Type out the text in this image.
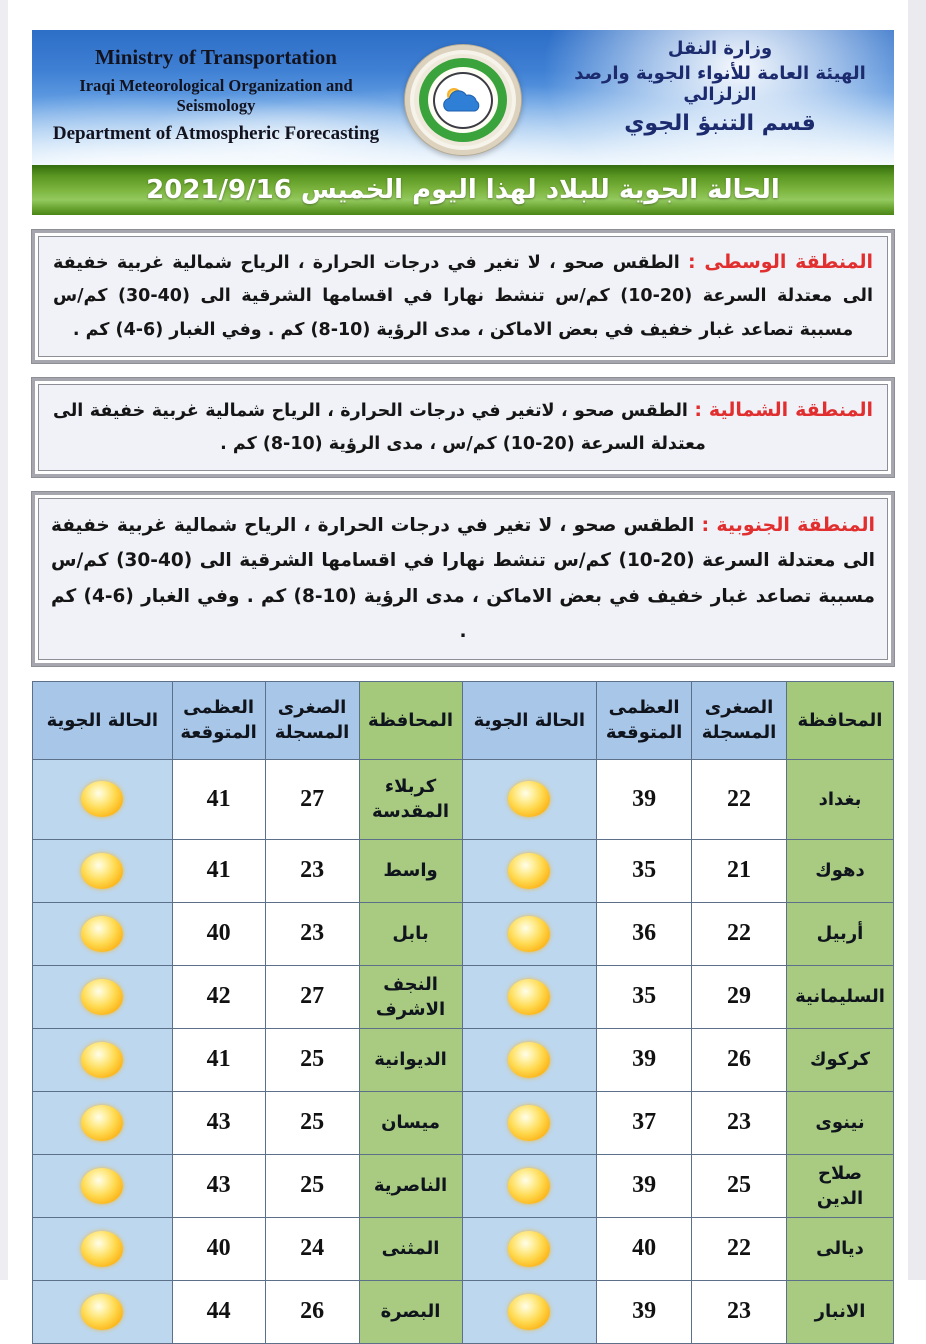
Ministry of Transportation
Iraqi Meteorological Organization and Seismology
Department of Atmospheric Forecasting
وزارة النقل
الهيئة العامة للأنواء الجوية وارصد الزلزالي
قسم التنبؤ الجوي
الحالة الجوية للبلاد لهذا اليوم الخميس 2021/9/16
المنطقة الوسطى : الطقس صحو ، لا تغير في درجات الحرارة ، الرياح شمالية غربية خفيفة الى معتدلة السرعة (20-10) كم/س تنشط نهارا في اقسامها الشرقية الى (40-30) كم/س مسببة تصاعد غبار خفيف في بعض الاماكن ، مدى الرؤية (10-8) كم . وفي الغبار (6-4) كم .
المنطقة الشمالية : الطقس صحو ، لاتغير في درجات الحرارة ، الرياح شمالية غربية خفيفة الى معتدلة السرعة (20-10) كم/س ، مدى الرؤية (10-8) كم .
المنطقة الجنوبية : الطقس صحو ، لا تغير في درجات الحرارة ، الرياح شمالية غربية خفيفة الى معتدلة السرعة (20-10) كم/س تنشط نهارا في اقسامها الشرقية الى (40-30) كم/س مسببة تصاعد غبار خفيف في بعض الاماكن ، مدى الرؤية (10-8) كم . وفي الغبار (6-4) كم .
المحافظة	الصغرى المسجلة	العظمى المتوقعة	الحالة الجوية	المحافظة	الصغرى المسجلة	العظمى المتوقعة	الحالة الجوية
بغداد	22	39		كربلاء المقدسة	27	41	
دهوك	21	35		واسط	23	41	
أربيل	22	36		بابل	23	40	
السليمانية	29	35		النجف الاشرف	27	42	
كركوك	26	39		الديوانية	25	41	
نينوى	23	37		ميسان	25	43	
صلاح الدين	25	39		الناصرية	25	43	
ديالى	22	40		المثنى	24	40	
الانبار	23	39		البصرة	26	44	
